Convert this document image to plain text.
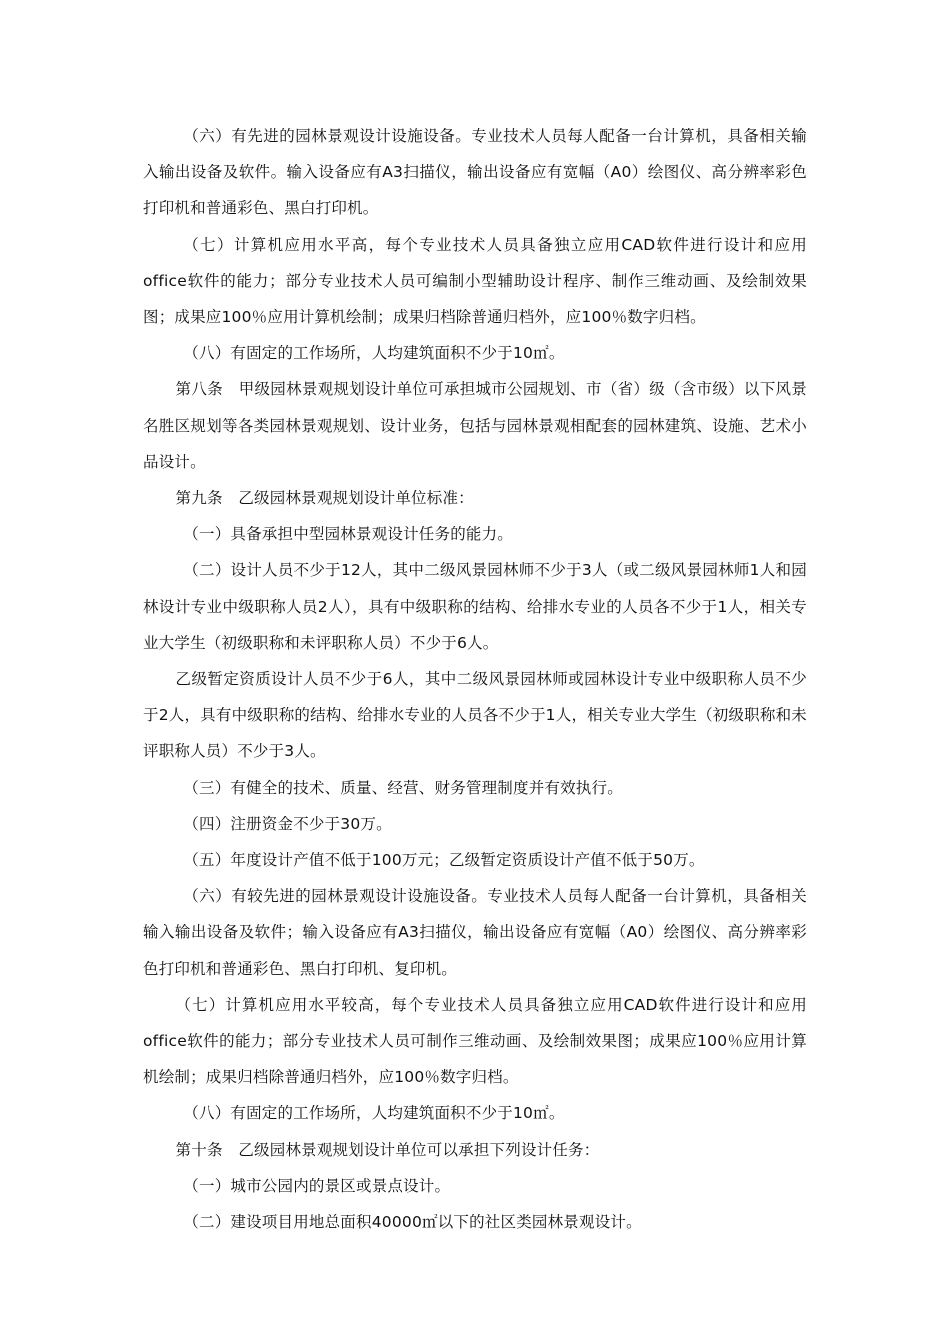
（六）有先进的园林景观设计设施设备。专业技术人员每人配备一台计算机，具备相关输入输出设备及软件。输入设备应有A3扫描仪，输出设备应有宽幅（A0）绘图仪、高分辨率彩色打印机和普通彩色、黑白打印机。

（七）计算机应用水平高，每个专业技术人员具备独立应用CAD软件进行设计和应用office软件的能力；部分专业技术人员可编制小型辅助设计程序、制作三维动画、及绘制效果图；成果应100％应用计算机绘制；成果归档除普通归档外，应100％数字归档。

（八）有固定的工作场所，人均建筑面积不少于10㎡。

第八条　甲级园林景观规划设计单位可承担城市公园规划、市（省）级（含市级）以下风景名胜区规划等各类园林景观规划、设计业务，包括与园林景观相配套的园林建筑、设施、艺术小品设计。

第九条　乙级园林景观规划设计单位标准：

（一）具备承担中型园林景观设计任务的能力。

（二）设计人员不少于12人，其中二级风景园林师不少于3人（或二级风景园林师1人和园林设计专业中级职称人员2人），具有中级职称的结构、给排水专业的人员各不少于1人，相关专业大学生（初级职称和未评职称人员）不少于6人。

乙级暂定资质设计人员不少于6人，其中二级风景园林师或园林设计专业中级职称人员不少于2人，具有中级职称的结构、给排水专业的人员各不少于1人，相关专业大学生（初级职称和未评职称人员）不少于3人。

（三）有健全的技术、质量、经营、财务管理制度并有效执行。

（四）注册资金不少于30万。

（五）年度设计产值不低于100万元；乙级暂定资质设计产值不低于50万。

（六）有较先进的园林景观设计设施设备。专业技术人员每人配备一台计算机，具备相关输入输出设备及软件；输入设备应有A3扫描仪，输出设备应有宽幅（A0）绘图仪、高分辨率彩色打印机和普通彩色、黑白打印机、复印机。

（七）计算机应用水平较高，每个专业技术人员具备独立应用CAD软件进行设计和应用office软件的能力；部分专业技术人员可制作三维动画、及绘制效果图；成果应100％应用计算机绘制；成果归档除普通归档外，应100％数字归档。

（八）有固定的工作场所，人均建筑面积不少于10㎡。

第十条　乙级园林景观规划设计单位可以承担下列设计任务：

（一）城市公园内的景区或景点设计。

（二）建设项目用地总面积40000㎡以下的社区类园林景观设计。
